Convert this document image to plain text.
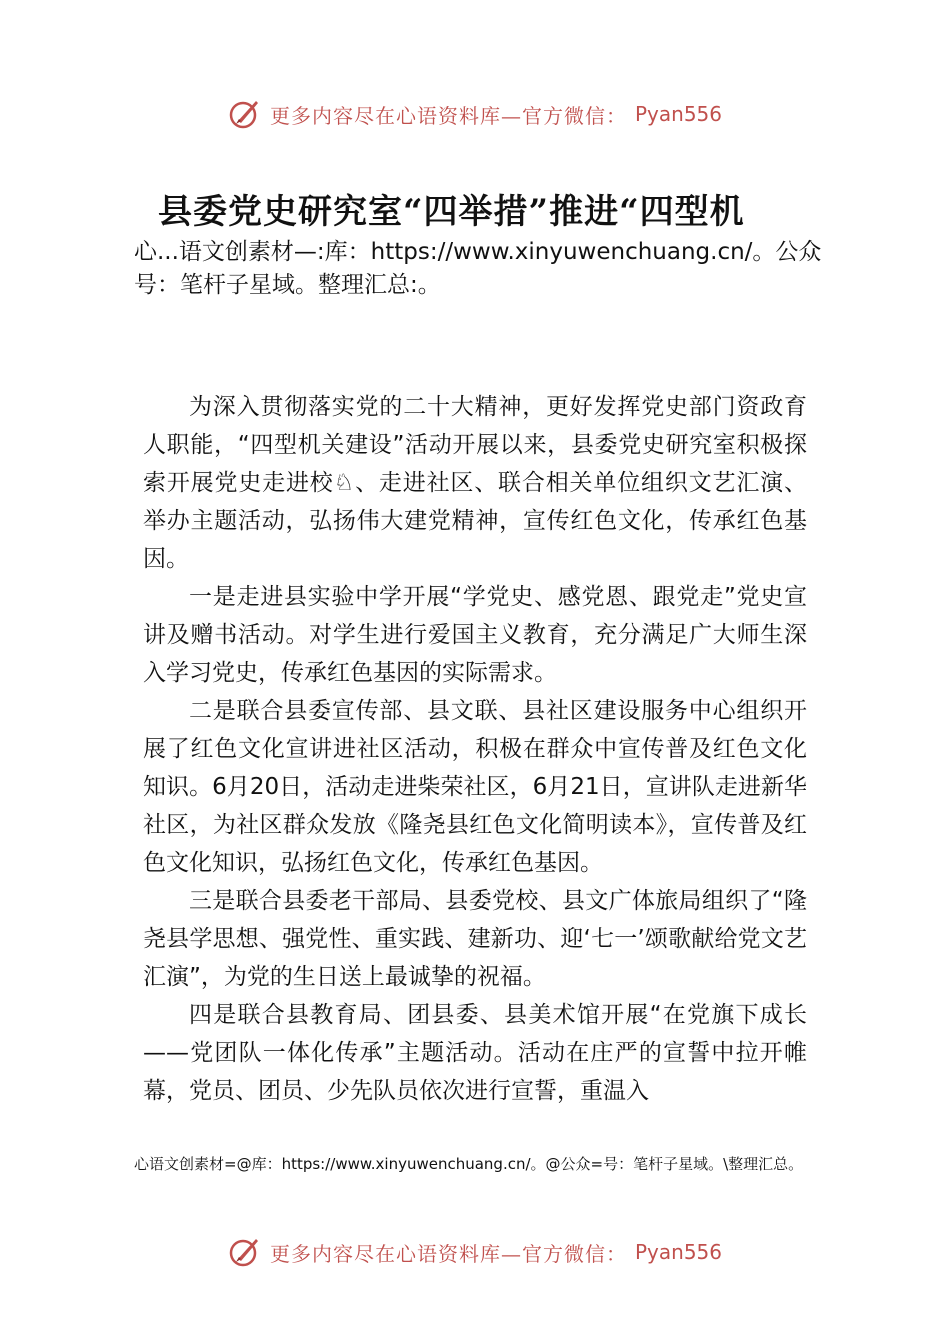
更多内容尽在心语资料库—官方微信： Pyan556
县委党史研究室“四举措”推进“四型机
心...语文创素材—:库：https://www.xinyuwenchuang.cn/。公众号：笔杆子星域。整理汇总:。

为深入贯彻落实党的二十大精神，更好发挥党史部门资政育人职能，“四型机关建设”活动开展以来，县委党史研究室积极探索开展党史走进校♘、走进社区、联合相关单位组织文艺汇演、举办主题活动，弘扬伟大建党精神，宣传红色文化，传承红色基因。

一是走进县实验中学开展“学党史、感党恩、跟党走”党史宣讲及赠书活动。对学生进行爱国主义教育，充分满足广大师生深入学习党史，传承红色基因的实际需求。

二是联合县委宣传部、县文联、县社区建设服务中心组织开展了红色文化宣讲进社区活动，积极在群众中宣传普及红色文化知识。6月20日，活动走进柴荣社区，6月21日，宣讲队走进新华社区，为社区群众发放《隆尧县红色文化简明读本》，宣传普及红色文化知识，弘扬红色文化，传承红色基因。

三是联合县委老干部局、县委党校、县文广体旅局组织了“隆尧县学思想、强党性、重实践、建新功、迎‘七一’颂歌献给党文艺汇演”，为党的生日送上最诚挚的祝福。

四是联合县教育局、团县委、县美术馆开展“在党旗下成长——党团队一体化传承”主题活动。活动在庄严的宣誓中拉开帷幕，党员、团员、少先队员依次进行宣誓，重温入

心语文创素材=@库：https://www.xinyuwenchuang.cn/。@公众=号：笔杆子星域。\整理汇总。
更多内容尽在心语资料库—官方微信： Pyan556
